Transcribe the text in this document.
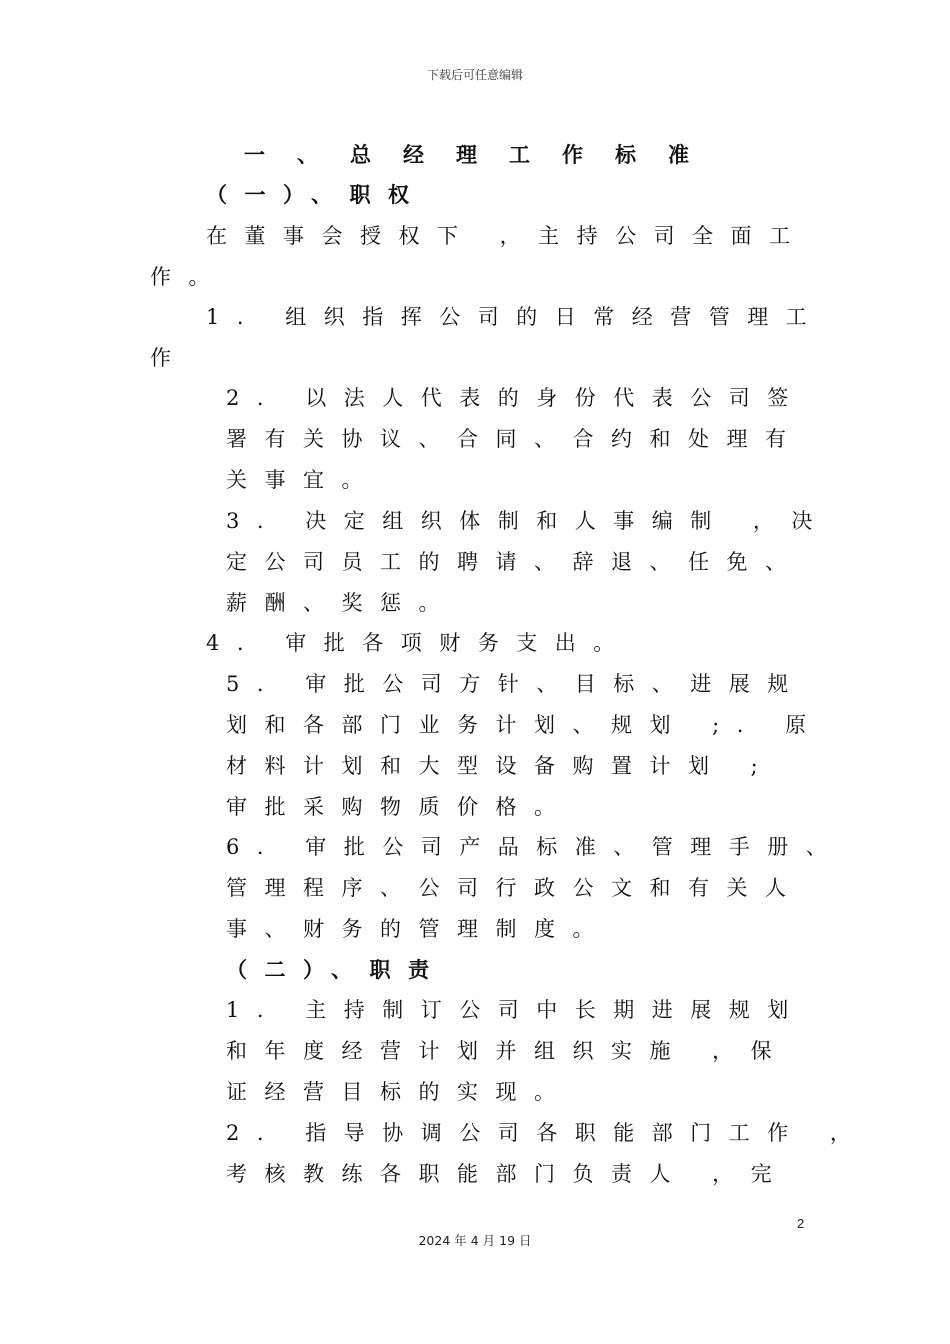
下载后可任意编辑
一、总经理工作标准
（一）、职权
在董事会授权下 ，主持公司全面工
作。
1. 组织指挥公司的日常经营管理工
作
2. 以法人代表的身份代表公司签
署有关协议、合同、合约和处理有
关事宜。
3. 决定组织体制和人事编制 ，决
定公司员工的聘请、辞退、任免、
薪酬、奖惩。
4. 审批各项财务支出。
5. 审批公司方针、目标、进展规
划和各部门业务计划、规划 ;. 原
材料计划和大型设备购置计划 ;
审批采购物质价格。
6. 审批公司产品标准、管理手册、
管理程序、公司行政公文和有关人
事、财务的管理制度。
（二）、职责
1. 主持制订公司中长期进展规划
和年度经营计划并组织实施 ，保
证经营目标的实现。
2. 指导协调公司各职能部门工作 ，
考核教练各职能部门负责人 ，完
2
2024 年 4 月 19 日
